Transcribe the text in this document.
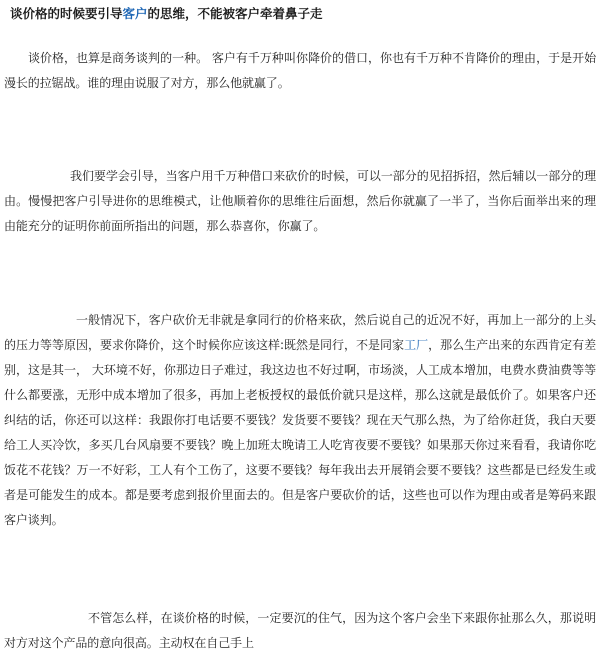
谈价格的时候要引导客户的思维，不能被客户牵着鼻子走

谈价格，也算是商务谈判的一种。 客户有千万种叫你降价的借口，你也有千万种不肯降价的理由，于是开始漫长的拉锯战。谁的理由说服了对方，那么他就赢了。

我们要学会引导，当客户用千万种借口来砍价的时候，可以一部分的见招拆招，然后辅以一部分的理由。慢慢把客户引导进你的思维模式，让他顺着你的思维往后面想，然后你就赢了一半了，当你后面举出来的理由能充分的证明你前面所指出的问题，那么恭喜你，你赢了。

一般情况下，客户砍价无非就是拿同行的价格来砍，然后说自己的近况不好，再加上一部分的上头的压力等等原因，要求你降价，这个时候你应该这样:既然是同行，不是同家工厂，那么生产出来的东西肯定有差别，这是其一， 大环境不好，你那边日子难过，我这边也不好过啊，市场淡，人工成本增加，电费水费油费等等什么都要涨，无形中成本增加了很多，再加上老板授权的最低价就只是这样，那么这就是最低价了。如果客户还纠结的话，你还可以这样：我跟你打电话要不要钱？发货要不要钱？现在天气那么热，为了给你赶货，我白天要给工人买冷饮，多买几台风扇要不要钱？晚上加班太晚请工人吃宵夜要不要钱？如果那天你过来看看，我请你吃饭花不花钱？万一不好彩，工人有个工伤了，这要不要钱？每年我出去开展销会要不要钱？这些都是已经发生或者是可能发生的成本。都是要考虑到报价里面去的。但是客户要砍价的话，这些也可以作为理由或者是筹码来跟客户谈判。

不管怎么样，在谈价格的时候，一定要沉的住气，因为这个客户会坐下来跟你扯那么久，那说明对方对这个产品的意向很高。主动权在自己手上
